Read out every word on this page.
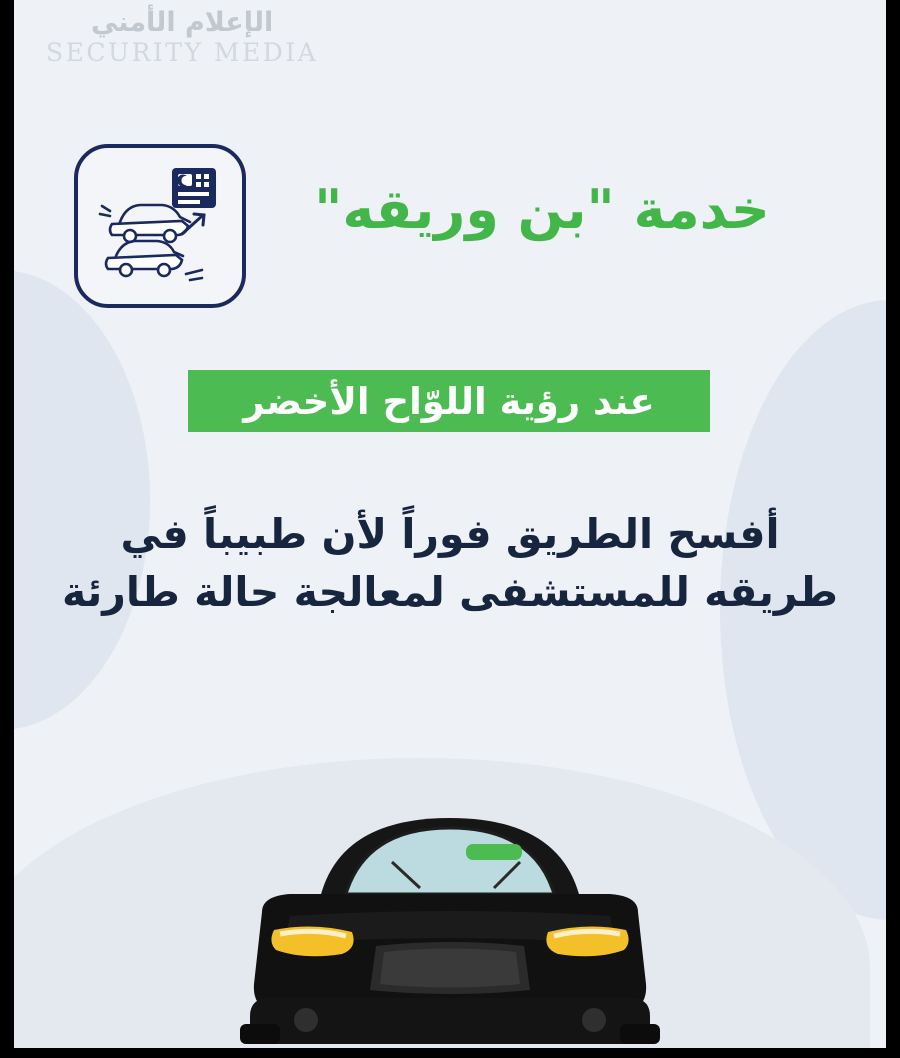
الإعلام الأمني
SECURITY MEDIA
خدمة "بن وريقه"
عند رؤية اللوّاح الأخضر
أفسح الطريق فوراً لأن طبيباً في طريقه للمستشفى لمعالجة حالة طارئة
